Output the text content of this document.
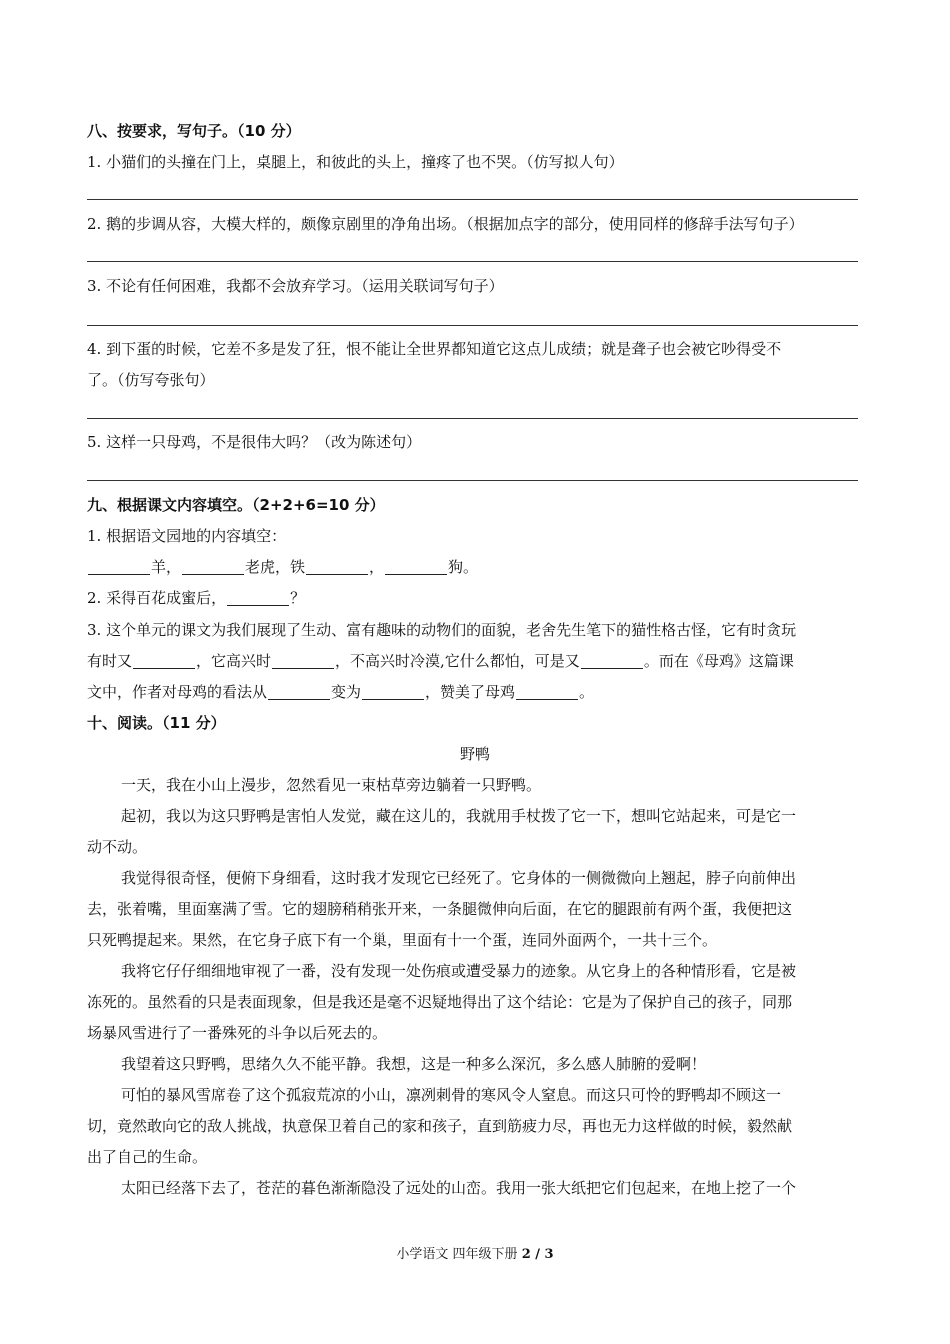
八、按要求，写句子。（10 分）
1. 小猫们的头撞在门上，桌腿上，和彼此的头上，撞疼了也不哭。（仿写拟人句）
2. 鹅的步调从容，大模大样的，颇像京剧里的净角出场。（根据加点字的部分，使用同样的修辞手法写句子）
3. 不论有任何困难，我都不会放弃学习。（运用关联词写句子）
4. 到下蛋的时候，它差不多是发了狂，恨不能让全世界都知道它这点儿成绩；就是聋子也会被它吵得受不
了。（仿写夸张句）
5. 这样一只母鸡，不是很伟大吗？（改为陈述句）
九、根据课文内容填空。（2+2+6=10 分）
1. 根据语文园地的内容填空：
羊，	老虎，铁	，	狗。
2. 采得百花成蜜后，	？
3. 这个单元的课文为我们展现了生动、富有趣味的动物们的面貌，老舍先生笔下的猫性格古怪，它有时贪玩
有时又	，它高兴时	，不高兴时冷漠,它什么都怕，可是又	。而在《母鸡》这篇课
文中，作者对母鸡的看法从	变为	，赞美了母鸡	。
十、阅读。（11 分）
野鸭
一天，我在小山上漫步，忽然看见一束枯草旁边躺着一只野鸭。
起初，我以为这只野鸭是害怕人发觉，藏在这儿的，我就用手杖拨了它一下，想叫它站起来，可是它一
动不动。
我觉得很奇怪，便俯下身细看，这时我才发现它已经死了。它身体的一侧微微向上翘起，脖子向前伸出
去，张着嘴，里面塞满了雪。它的翅膀稍稍张开来，一条腿微伸向后面，在它的腿跟前有两个蛋，我便把这
只死鸭提起来。果然，在它身子底下有一个巢，里面有十一个蛋，连同外面两个，一共十三个。
我将它仔仔细细地审视了一番，没有发现一处伤痕或遭受暴力的迹象。从它身上的各种情形看，它是被
冻死的。虽然看的只是表面现象，但是我还是毫不迟疑地得出了这个结论：它是为了保护自己的孩子，同那
场暴风雪进行了一番殊死的斗争以后死去的。
我望着这只野鸭，思绪久久不能平静。我想，这是一种多么深沉，多么感人肺腑的爱啊！
可怕的暴风雪席卷了这个孤寂荒凉的小山，凛冽刺骨的寒风令人窒息。而这只可怜的野鸭却不顾这一
切，竟然敢向它的敌人挑战，执意保卫着自己的家和孩子，直到筋疲力尽，再也无力这样做的时候，毅然献
出了自己的生命。
太阳已经落下去了，苍茫的暮色渐渐隐没了远处的山峦。我用一张大纸把它们包起来，在地上挖了一个
小学语文 四年级下册 2 / 3
